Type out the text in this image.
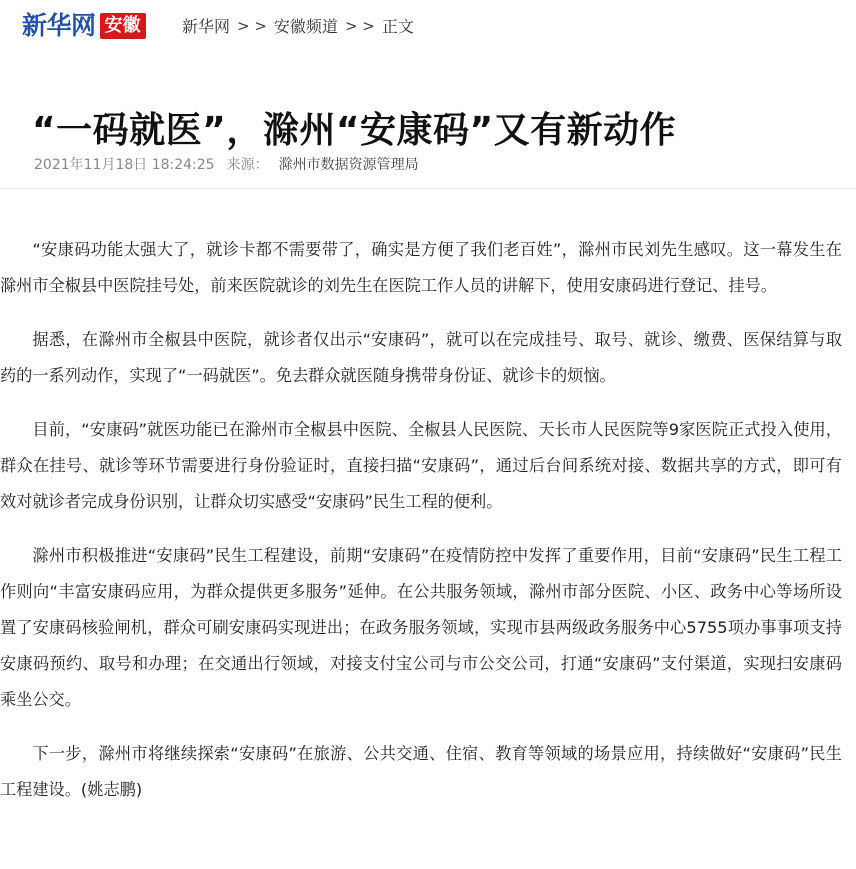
新华网 安徽	新华网 > > 安徽频道 > > 正文
“一码就医”，滁州“安康码”又有新动作
2021年11月18日 18:24:25 来源： 滁州市数据资源管理局

“安康码功能太强大了，就诊卡都不需要带了，确实是方便了我们老百姓”，滁州市民刘先生感叹。这一幕发生在滁州市全椒县中医院挂号处，前来医院就诊的刘先生在医院工作人员的讲解下，使用安康码进行登记、挂号。

据悉，在滁州市全椒县中医院，就诊者仅出示“安康码”，就可以在完成挂号、取号、就诊、缴费、医保结算与取药的一系列动作，实现了“一码就医”。免去群众就医随身携带身份证、就诊卡的烦恼。

目前，“安康码”就医功能已在滁州市全椒县中医院、全椒县人民医院、天长市人民医院等9家医院正式投入使用，群众在挂号、就诊等环节需要进行身份验证时，直接扫描“安康码”，通过后台间系统对接、数据共享的方式，即可有效对就诊者完成身份识别，让群众切实感受“安康码”民生工程的便利。

滁州市积极推进“安康码”民生工程建设，前期“安康码”在疫情防控中发挥了重要作用，目前“安康码”民生工程工作则向“丰富安康码应用，为群众提供更多服务”延伸。在公共服务领域，滁州市部分医院、小区、政务中心等场所设置了安康码核验闸机，群众可刷安康码实现进出；在政务服务领域，实现市县两级政务服务中心5755项办事事项支持安康码预约、取号和办理；在交通出行领域，对接支付宝公司与市公交公司，打通“安康码”支付渠道，实现扫安康码乘坐公交。

下一步，滁州市将继续探索“安康码”在旅游、公共交通、住宿、教育等领域的场景应用，持续做好“安康码”民生工程建设。(姚志鹏)
